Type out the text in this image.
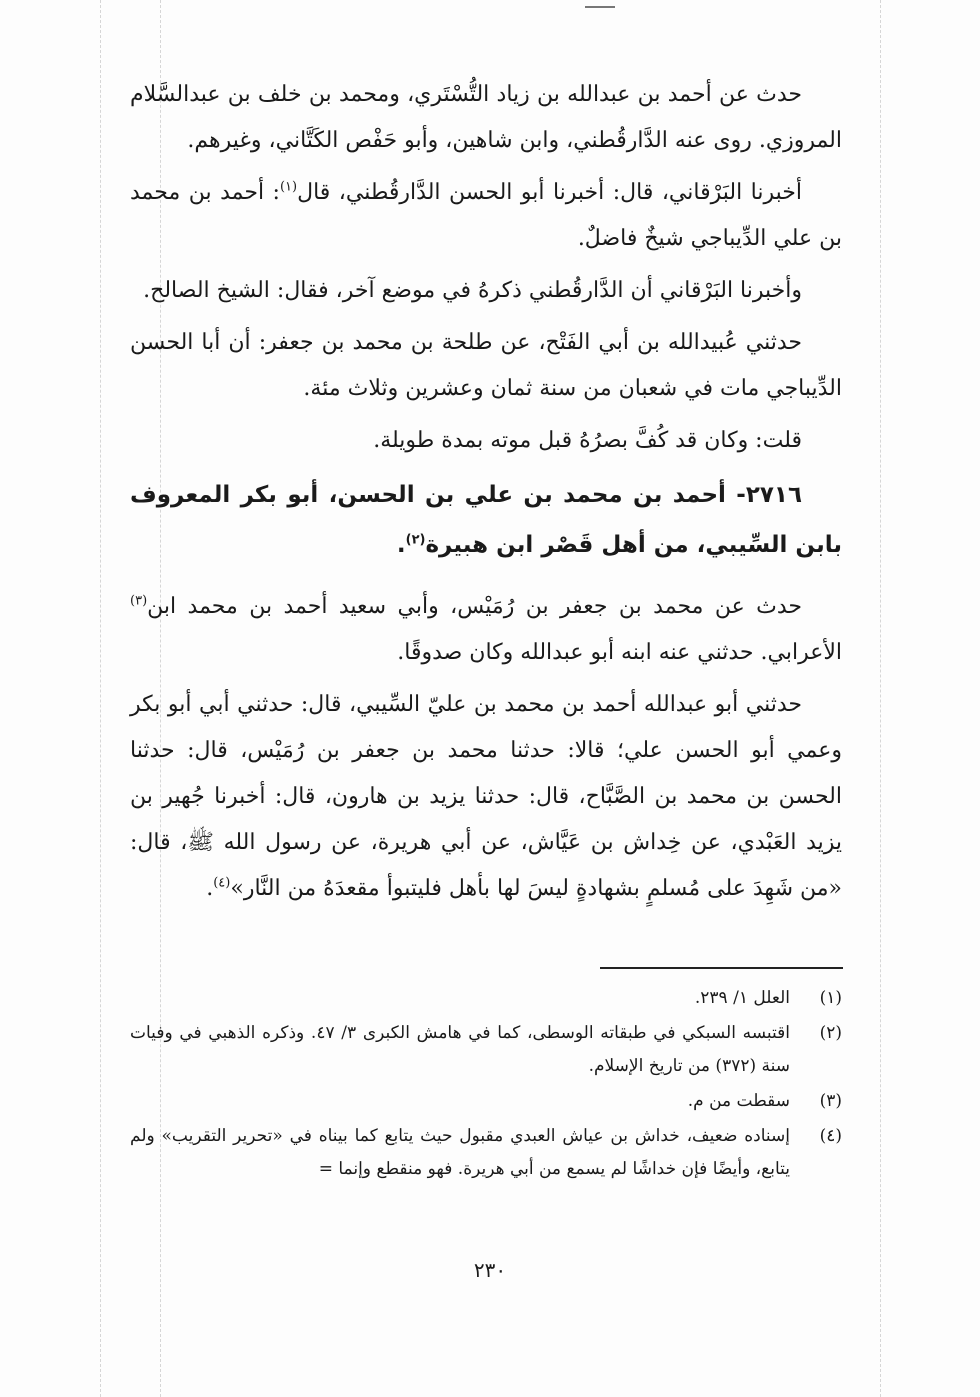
حدث عن أحمد بن عبدالله بن زياد التُّسْتَري، ومحمد بن خلف بن عبدالسَّلام المروزي. روى عنه الدَّارقُطني، وابن شاهين، وأبو حَفْص الكَتَّاني، وغيرهم.

أخبرنا البَرْقاني، قال: أخبرنا أبو الحسن الدَّارقُطني، قال$^{(١)}$: أحمد بن محمد بن علي الدِّيباجي شيخٌ فاضلٌ.

وأخبرنا البَرْقاني أن الدَّارقُطني ذكرهُ في موضع آخر، فقال: الشيخ الصالح.

حدثني عُبيدالله بن أبي الفَتْح، عن طلحة بن محمد بن جعفر: أن أبا الحسن الدِّيباجي مات في شعبان من سنة ثمان وعشرين وثلاث مئة.

قلت: وكان قد كُفَّ بصرُهُ قبل موته بمدة طويلة.

٢٧١٦- أحمد بن محمد بن علي بن الحسن، أبو بكر المعروف بابن السِّيبي، من أهل قَصْر ابن هبيرة$^{(٢)}$.

حدث عن محمد بن جعفر بن رُمَيْس، وأبي سعيد أحمد بن محمد ابن$^{(٣)}$ الأعرابي. حدثني عنه ابنه أبو عبدالله وكان صدوقًا.

حدثني أبو عبدالله أحمد بن محمد بن عليّ السِّيبي، قال: حدثني أبي أبو بكر وعمي أبو الحسن علي؛ قالا: حدثنا محمد بن جعفر بن رُمَيْس، قال: حدثنا الحسن بن محمد بن الصَّبَّاح، قال: حدثنا يزيد بن هارون، قال: أخبرنا جُهير بن يزيد العَبْدي، عن خِداش بن عَيَّاش، عن أبي هريرة، عن رسول الله ﷺ، قال: «من شَهِدَ على مُسلمٍ بشهادةٍ ليسَ لها بأهل فليتبوأ مقعدَهُ من النَّار»$^{(٤)}$.

(١)
العلل ١/ ٢٣٩.
(٢)
اقتبسه السبكي في طبقاته الوسطى، كما في هامش الكبرى ٣/ ٤٧. وذكره الذهبي في وفيات سنة (٣٧٢) من تاريخ الإسلام.
(٣)
سقطت من م.
(٤)
إسناده ضعيف، خداش بن عياش العبدي مقبول حيث يتابع كما بيناه في «تحرير التقريب» ولم يتابع، وأيضًا فإن خداشًا لم يسمع من أبي هريرة. فهو منقطع وإنما =
٢٣٠
